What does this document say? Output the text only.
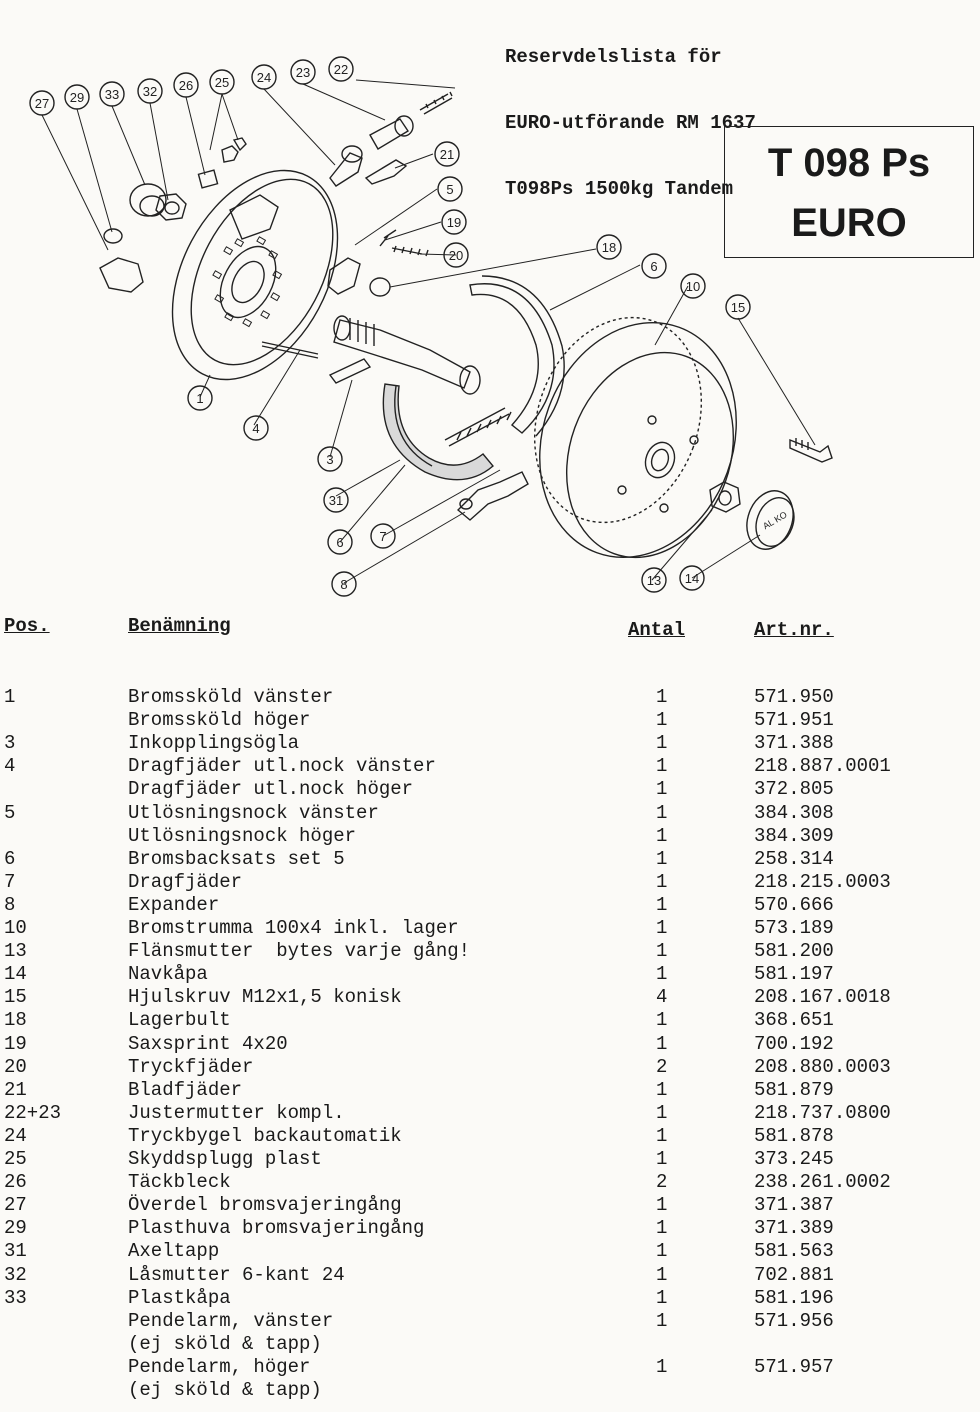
Reservdelslista för

EURO-utförande RM 1637

T098Ps 1500kg Tandem

T 098 Ps
EURO
AL KO
27 29 33 32 26 25 24 23 22
21
5
19
20
18
6
10
15
1
4
3
31
6	7
8	13 14
Pos.	Benämning	Antal	Art.nr.
1	Bromssköld vänster	1	571.950
Bromssköld höger	1	571.951
3	Inkopplingsögla	1	371.388
4	Dragfjäder utl.nock vänster	1	218.887.0001
Dragfjäder utl.nock höger	1	372.805
5	Utlösningsnock vänster	1	384.308
Utlösningsnock höger	1	384.309
6	Bromsbacksats set 5	1	258.314
7	Dragfjäder	1	218.215.0003
8	Expander	1	570.666
10	Bromstrumma 100x4 inkl. lager	1	573.189
13	Flänsmutter  bytes varje gång!	1	581.200
14	Navkåpa	1	581.197
15	Hjulskruv M12x1,5 konisk	4	208.167.0018
18	Lagerbult	1	368.651
19	Saxsprint 4x20	1	700.192
20	Tryckfjäder	2	208.880.0003
21	Bladfjäder	1	581.879
22+23	Justermutter kompl.	1	218.737.0800
24	Tryckbygel backautomatik	1	581.878
25	Skyddsplugg plast	1	373.245
26	Täckbleck	2	238.261.0002
27	Överdel bromsvajeringång	1	371.387
29	Plasthuva bromsvajeringång	1	371.389
31	Axeltapp	1	581.563
32	Låsmutter 6-kant 24	1	702.881
33	Plastkåpa	1	581.196
Pendelarm, vänster	1	571.956
(ej sköld & tapp)
Pendelarm, höger	1	571.957
(ej sköld & tapp)
